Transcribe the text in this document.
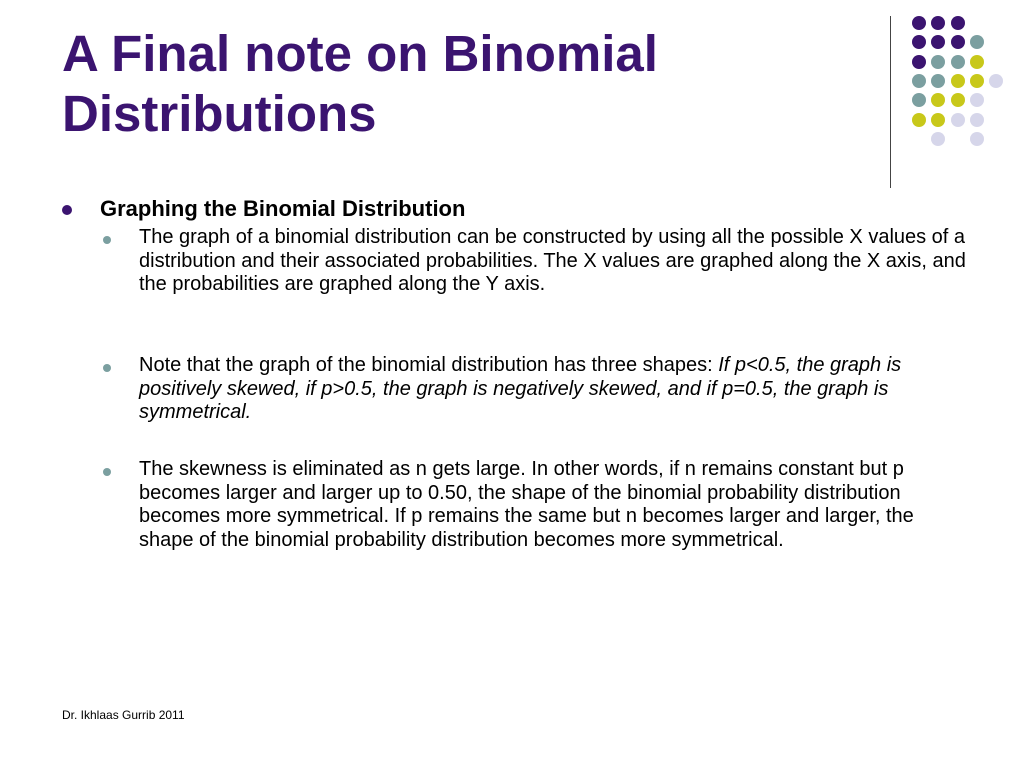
A Final note on Binomial
Distributions
Graphing the Binomial Distribution
The graph of a binomial distribution can be constructed by using all the possible X values of a distribution and their associated probabilities. The X values are graphed along the X axis, and the probabilities are graphed along the Y axis.
Note that the graph of the binomial distribution has three shapes: If p<0.5, the graph is positively skewed, if p>0.5, the graph is negatively skewed, and if p=0.5, the graph is symmetrical.
The skewness is eliminated as n gets large. In other words, if n remains constant but p becomes larger and larger up to 0.50, the shape of the binomial probability distribution becomes more symmetrical. If p remains the same but n becomes larger and larger, the shape of the binomial probability distribution becomes more symmetrical.
Dr. Ikhlaas Gurrib 2011
